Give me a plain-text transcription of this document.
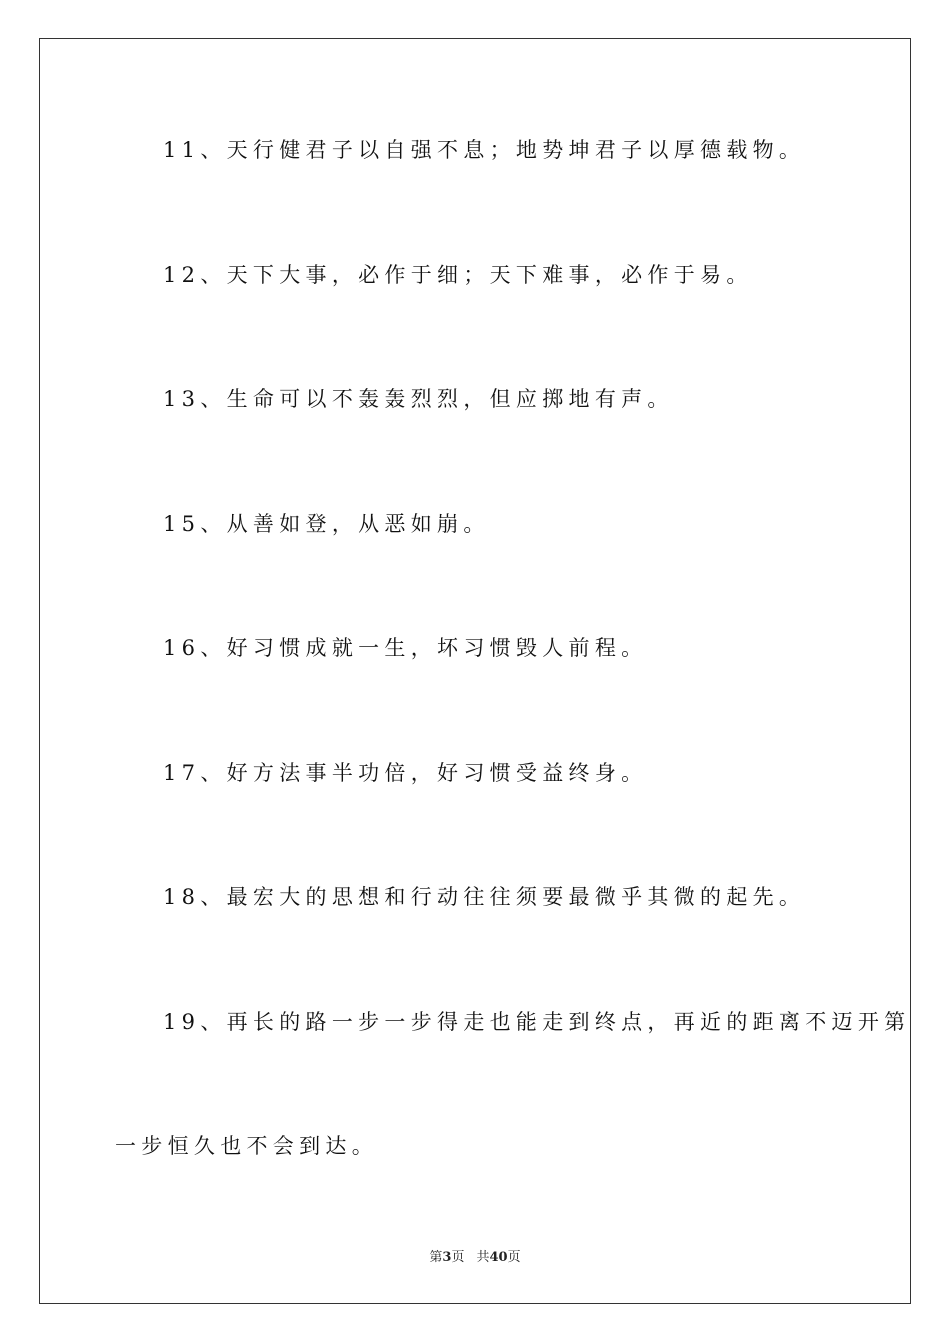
11、天行健君子以自强不息；地势坤君子以厚德载物。
12、天下大事，必作于细；天下难事，必作于易。
13、生命可以不轰轰烈烈，但应掷地有声。
15、从善如登，从恶如崩。
16、好习惯成就一生，坏习惯毁人前程。
17、好方法事半功倍，好习惯受益终身。
18、最宏大的思想和行动往往须要最微乎其微的起先。
19、再长的路一步一步得走也能走到终点，再近的距离不迈开第
一步恒久也不会到达。
第3页 共40页
